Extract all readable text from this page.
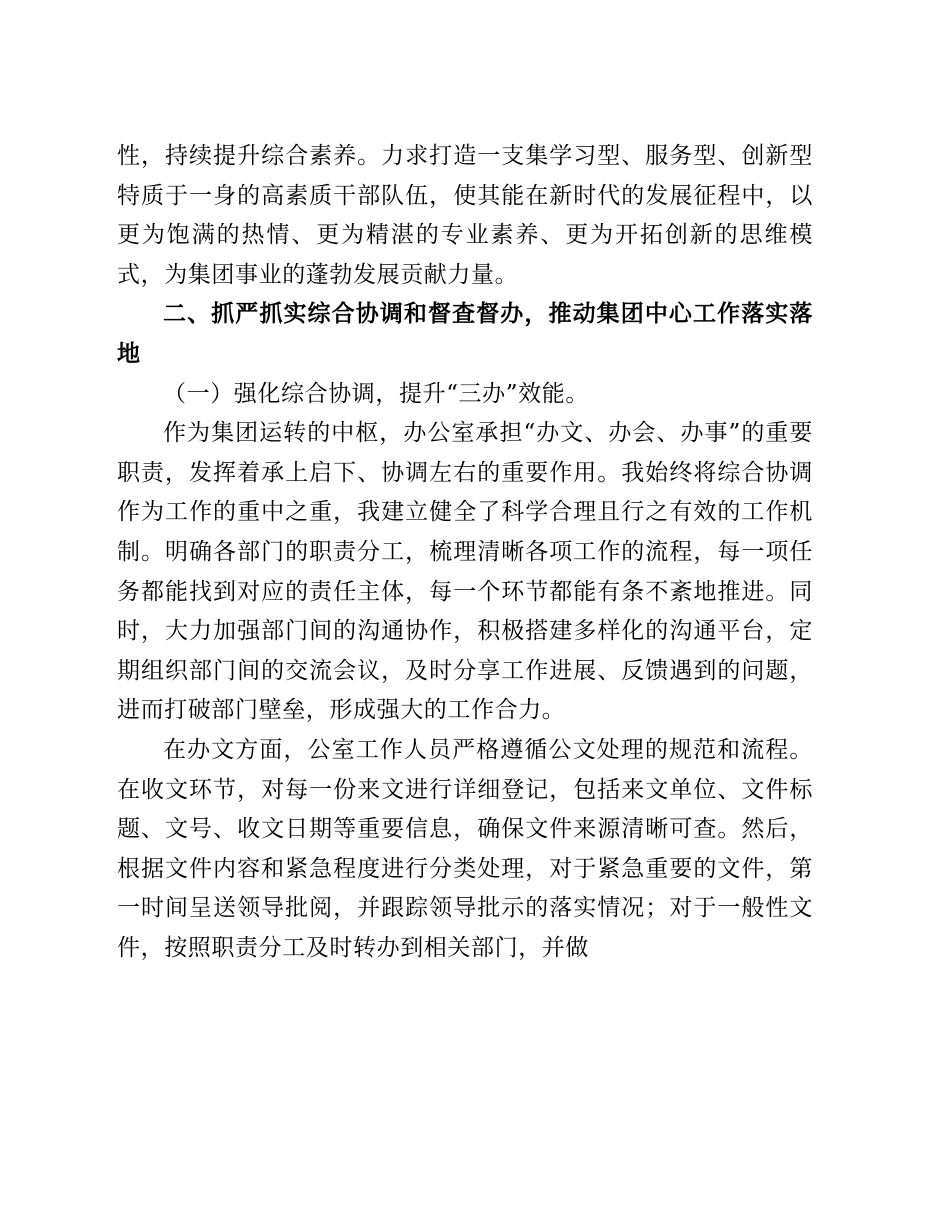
性，持续提升综合素养。力求打造一支集学习型、服务型、创新型特质于一身的高素质干部队伍，使其能在新时代的发展征程中，以更为饱满的热情、更为精湛的专业素养、更为开拓创新的思维模式，为集团事业的蓬勃发展贡献力量。

二、抓严抓实综合协调和督查督办，推动集团中心工作落实落地

（一）强化综合协调，提升“三办”效能。

作为集团运转的中枢，办公室承担“办文、办会、办事”的重要职责，发挥着承上启下、协调左右的重要作用。我始终将综合协调作为工作的重中之重，我建立健全了科学合理且行之有效的工作机制。明确各部门的职责分工，梳理清晰各项工作的流程，每一项任务都能找到对应的责任主体，每一个环节都能有条不紊地推进。同时，大力加强部门间的沟通协作，积极搭建多样化的沟通平台，定期组织部门间的交流会议，及时分享工作进展、反馈遇到的问题，进而打破部门壁垒，形成强大的工作合力。

在办文方面，公室工作人员严格遵循公文处理的规范和流程。在收文环节，对每一份来文进行详细登记，包括来文单位、文件标题、文号、收文日期等重要信息，确保文件来源清晰可查。然后，根据文件内容和紧急程度进行分类处理，对于紧急重要的文件，第一时间呈送领导批阅，并跟踪领导批示的落实情况；对于一般性文件，按照职责分工及时转办到相关部门，并做
